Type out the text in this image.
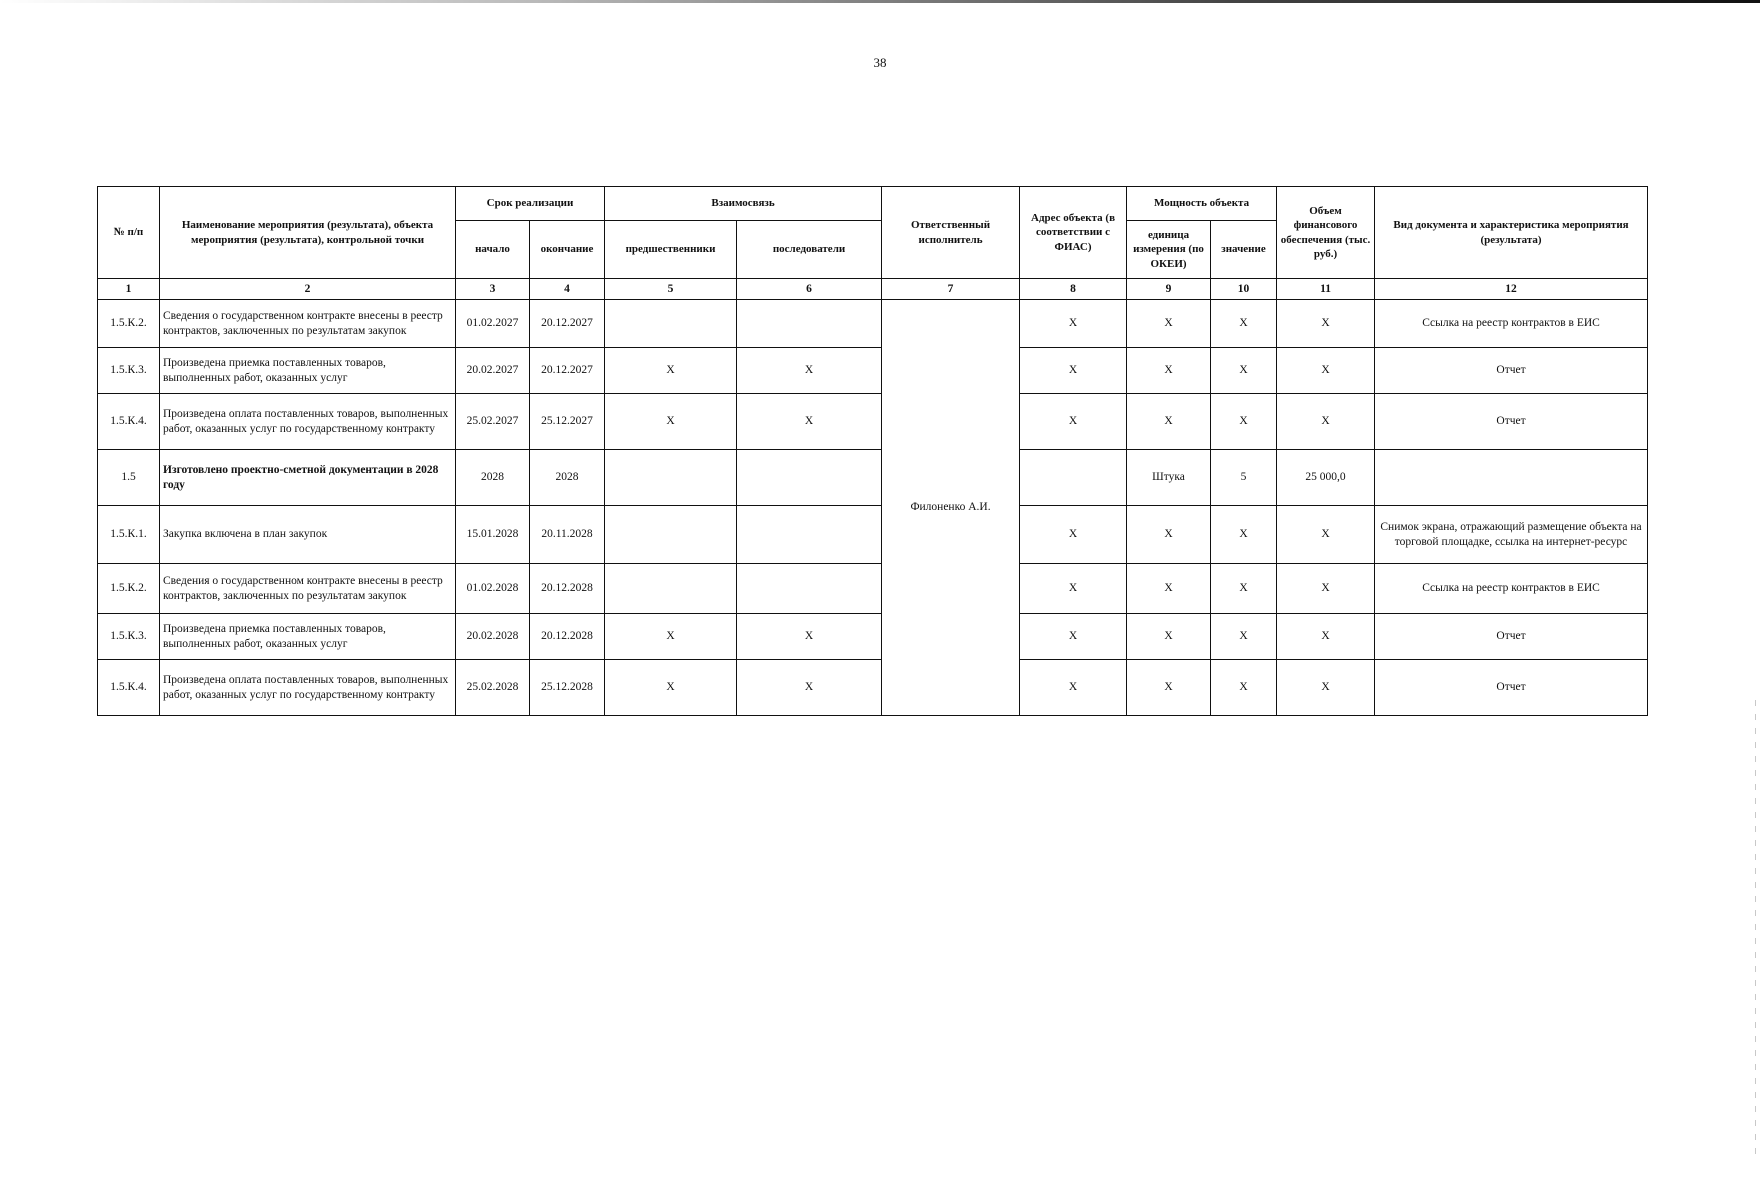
38
№ п/п	Наименование мероприятия (результата), объекта мероприятия (результата), контрольной точки	Срок реализации		Взаимосвязь		Ответственный исполнитель	Адрес объекта (в соответствии с ФИАС)	Мощность объекта		Объем финансового обеспечения (тыс. руб.)	Вид документа и характеристика мероприятия (результата)
		начало	окончание	предшественники	последователи			единица измерения (по ОКЕИ)	значение		
1	2	3	4	5	6	7	8	9	10	11	12
1.5.К.2.	Сведения о государственном контракте внесены в реестр контрактов, заключенных по результатам закупок	01.02.2027	20.12.2027			Филоненко А.И.	Х	Х	Х	Х	Ссылка на реестр контрактов в ЕИС
1.5.К.3.	Произведена приемка поставленных товаров, выполненных работ, оказанных услуг	20.02.2027	20.12.2027	Х	Х		Х	Х	Х	Х	Отчет
1.5.К.4.	Произведена оплата поставленных товаров, выполненных работ, оказанных услуг по государственному контракту	25.02.2027	25.12.2027	Х	Х		Х	Х	Х	Х	Отчет
1.5	Изготовлено проектно-сметной документации в 2028 году	2028	2028					Штука	5	25 000,0	
1.5.К.1.	Закупка включена в план закупок	15.01.2028	20.11.2028				Х	Х	Х	Х	Снимок экрана, отражающий размещение объекта на торговой площадке, ссылка на интернет-ресурс
1.5.К.2.	Сведения о государственном контракте внесены в реестр контрактов, заключенных по результатам закупок	01.02.2028	20.12.2028				Х	Х	Х	Х	Ссылка на реестр контрактов в ЕИС
1.5.К.3.	Произведена приемка поставленных товаров, выполненных работ, оказанных услуг	20.02.2028	20.12.2028	Х	Х		Х	Х	Х	Х	Отчет
1.5.К.4.	Произведена оплата поставленных товаров, выполненных работ, оказанных услуг по государственному контракту	25.02.2028	25.12.2028	Х	Х		Х	Х	Х	Х	Отчет
